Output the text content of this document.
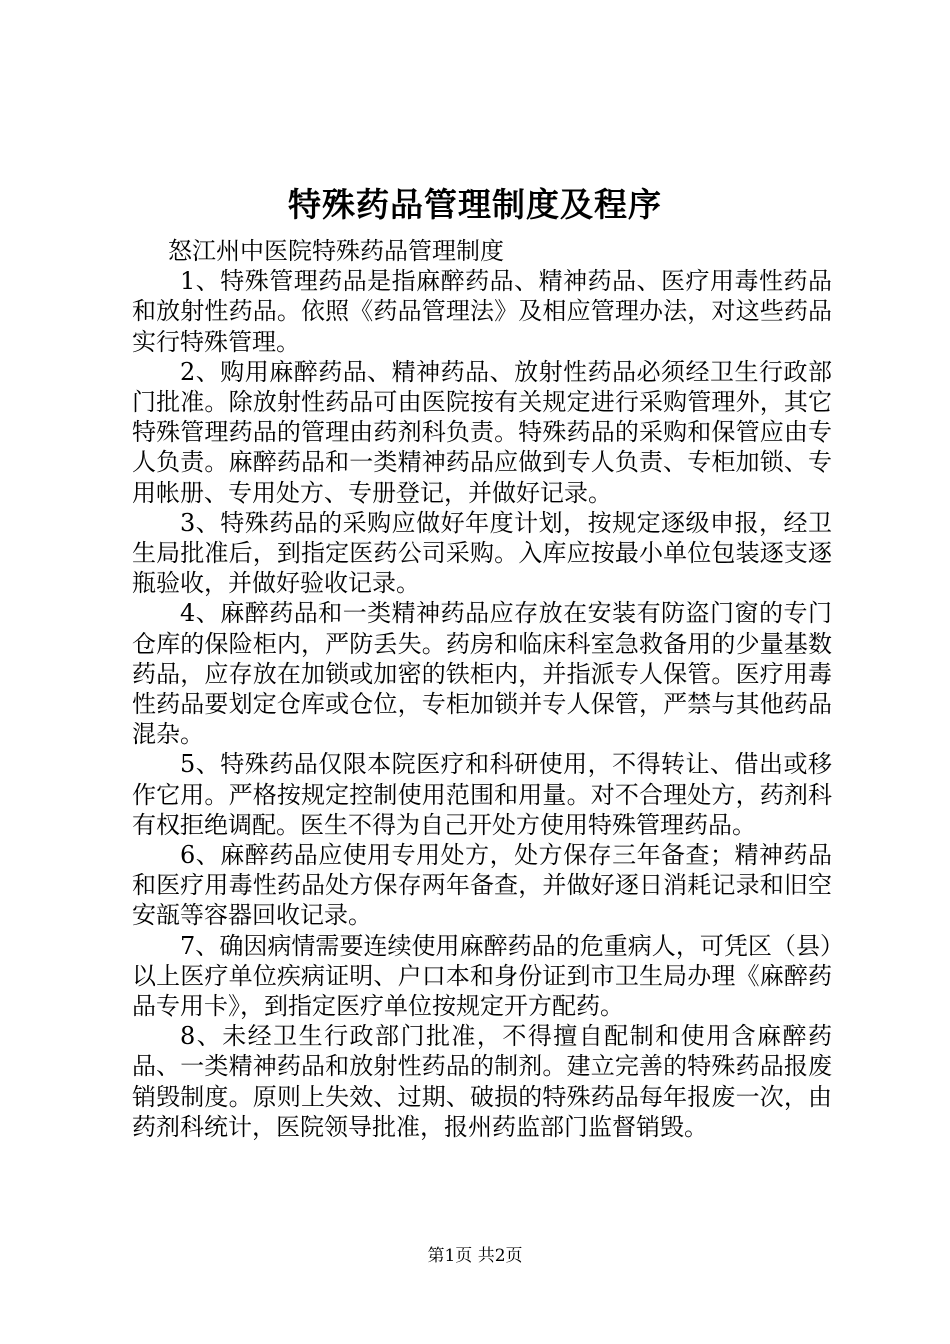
特殊药品管理制度及程序

怒江州中医院特殊药品管理制度

1、特殊管理药品是指麻醉药品、精神药品、医疗用毒性药品和放射性药品。依照《药品管理法》及相应管理办法，对这些药品实行特殊管理。

2、购用麻醉药品、精神药品、放射性药品必须经卫生行政部门批准。除放射性药品可由医院按有关规定进行采购管理外，其它特殊管理药品的管理由药剂科负责。特殊药品的采购和保管应由专人负责。麻醉药品和一类精神药品应做到专人负责、专柜加锁、专用帐册、专用处方、专册登记，并做好记录。

3、特殊药品的采购应做好年度计划，按规定逐级申报，经卫生局批准后，到指定医药公司采购。入库应按最小单位包装逐支逐瓶验收，并做好验收记录。

4、麻醉药品和一类精神药品应存放在安装有防盗门窗的专门仓库的保险柜内，严防丢失。药房和临床科室急救备用的少量基数药品，应存放在加锁或加密的铁柜内，并指派专人保管。医疗用毒性药品要划定仓库或仓位，专柜加锁并专人保管，严禁与其他药品混杂。

5、特殊药品仅限本院医疗和科研使用，不得转让、借出或移作它用。严格按规定控制使用范围和用量。对不合理处方，药剂科有权拒绝调配。医生不得为自己开处方使用特殊管理药品。

6、麻醉药品应使用专用处方，处方保存三年备查；精神药品和医疗用毒性药品处方保存两年备查，并做好逐日消耗记录和旧空安瓿等容器回收记录。

7、确因病情需要连续使用麻醉药品的危重病人，可凭区（县）以上医疗单位疾病证明、户口本和身份证到市卫生局办理《麻醉药品专用卡》，到指定医疗单位按规定开方配药。

8、未经卫生行政部门批准，不得擅自配制和使用含麻醉药品、一类精神药品和放射性药品的制剂。建立完善的特殊药品报废销毁制度。原则上失效、过期、破损的特殊药品每年报废一次，由药剂科统计，医院领导批准，报州药监部门监督销毁。

第1页 共2页
